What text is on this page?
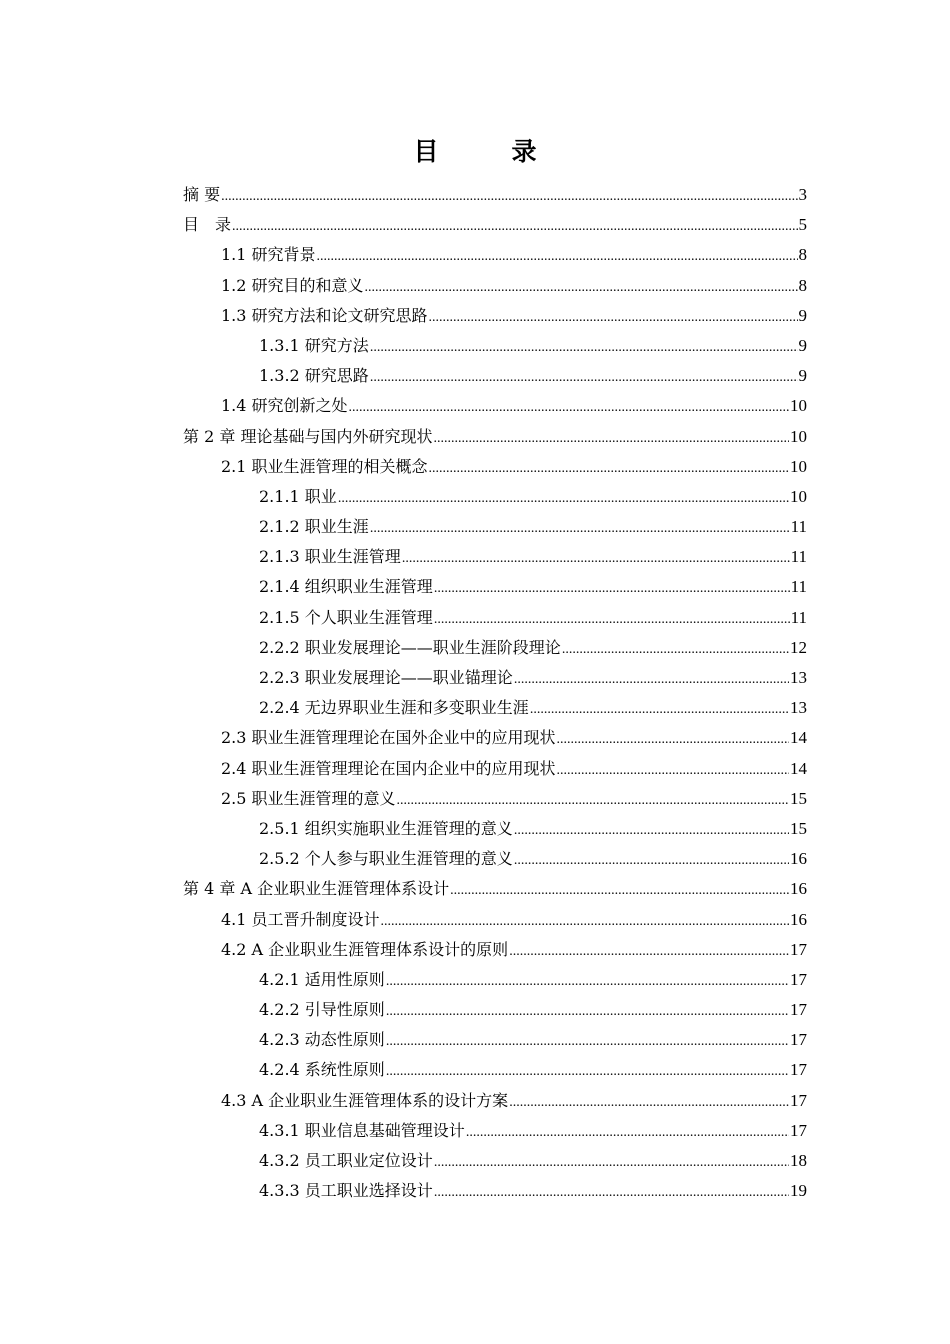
目　录
摘 要 .....	3
目　录 .....	5
1.1 研究背景 .....	8
1.2 研究目的和意义 .....	8
1.3 研究方法和论文研究思路 .....	9
1.3.1 研究方法 .....	9
1.3.2 研究思路 .....	9
1.4 研究创新之处 .....	10
第 2 章 理论基础与国内外研究现状 .....	10
2.1 职业生涯管理的相关概念 .....	10
2.1.1 职业 .....	10
2.1.2 职业生涯 .....	11
2.1.3 职业生涯管理 .....	11
2.1.4 组织职业生涯管理 .....	11
2.1.5 个人职业生涯管理 .....	11
2.2.2 职业发展理论——职业生涯阶段理论 .....	12
2.2.3 职业发展理论——职业锚理论 .....	13
2.2.4 无边界职业生涯和多变职业生涯 .....	13
2.3 职业生涯管理理论在国外企业中的应用现状 .....	14
2.4 职业生涯管理理论在国内企业中的应用现状 .....	14
2.5 职业生涯管理的意义 .....	15
2.5.1 组织实施职业生涯管理的意义 .....	15
2.5.2 个人参与职业生涯管理的意义 .....	16
第 4 章 A 企业职业生涯管理体系设计 .....	16
4.1 员工晋升制度设计 .....	16
4.2 A 企业职业生涯管理体系设计的原则 .....	17
4.2.1 适用性原则 .....	17
4.2.2 引导性原则 .....	17
4.2.3 动态性原则 .....	17
4.2.4 系统性原则 .....	17
4.3 A 企业职业生涯管理体系的设计方案 .....	17
4.3.1 职业信息基础管理设计 .....	17
4.3.2 员工职业定位设计 .....	18
4.3.3 员工职业选择设计 .....	19
